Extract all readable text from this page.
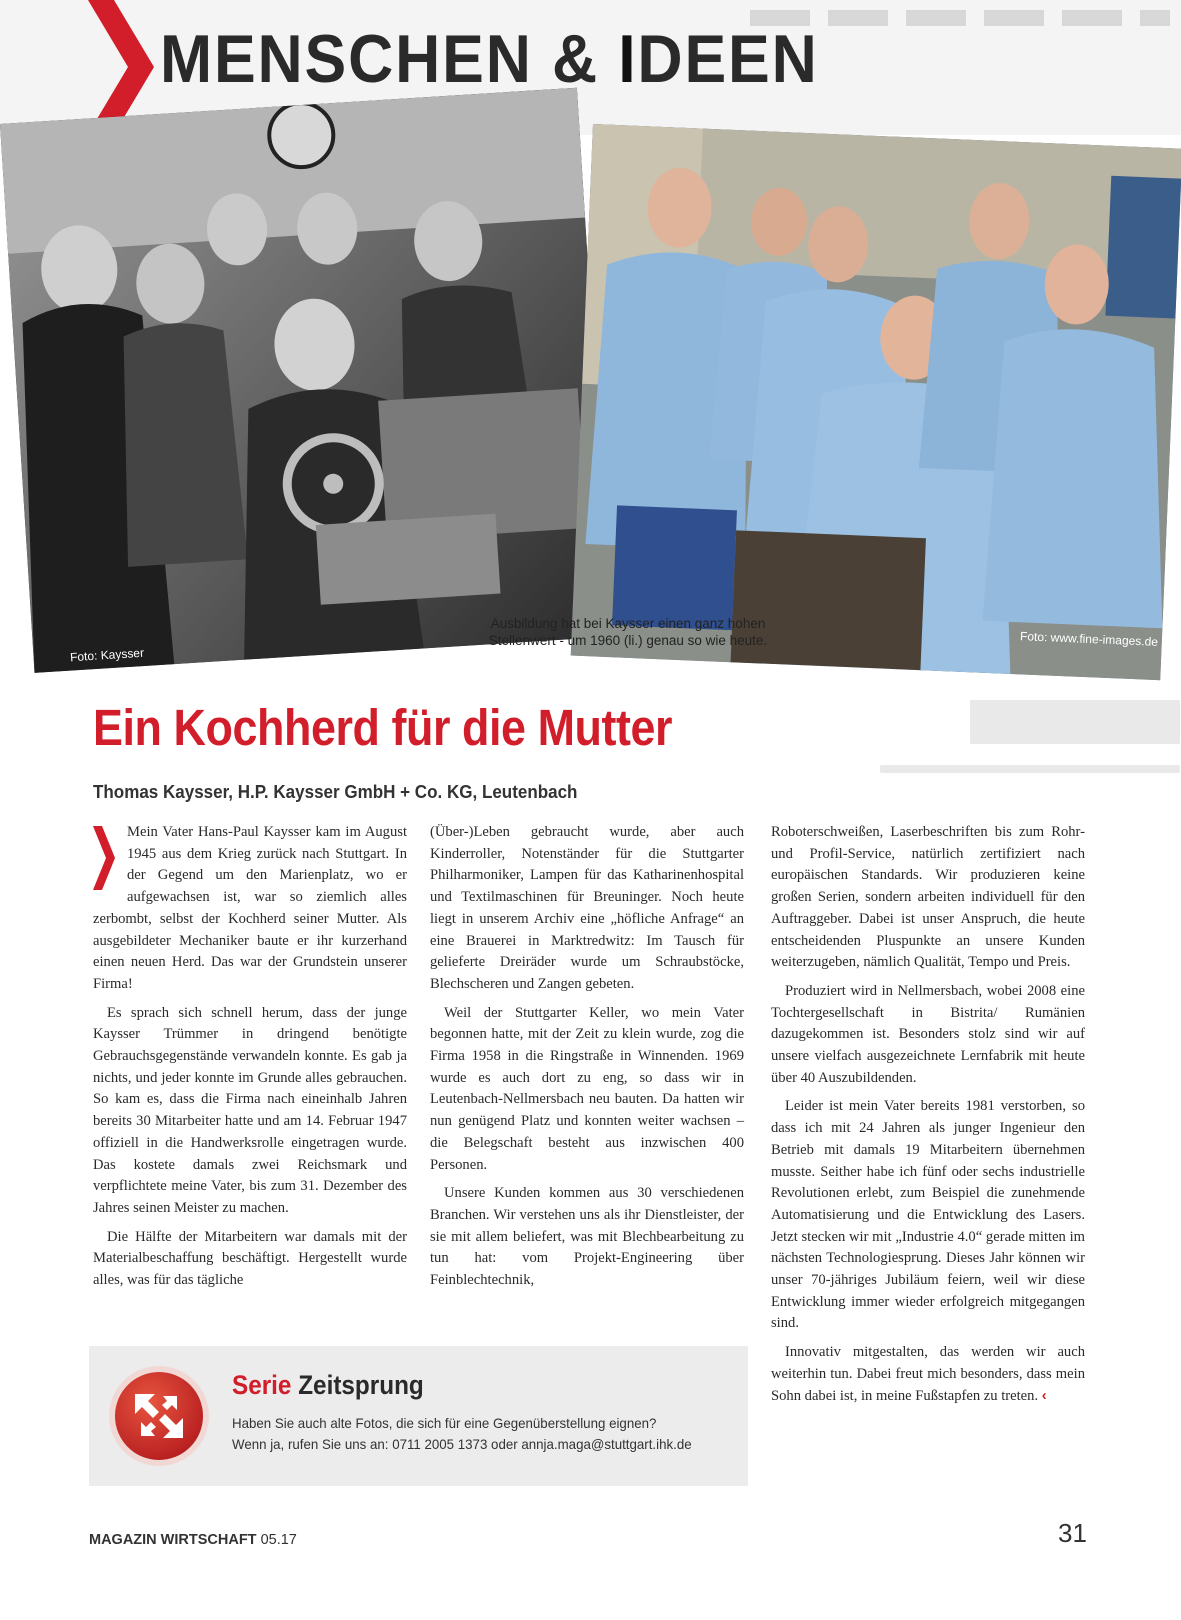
MENSCHEN & IDEEN
Foto: Kaysser
Foto: www.fine-images.de
Ausbildung hat bei Kaysser einen ganz hohen
Stellenwert - um 1960 (li.) genau so wie heute.
Ein Kochherd für die Mutter
Thomas Kaysser, H.P. Kaysser GmbH + Co. KG, Leutenbach

Mein Vater Hans-Paul Kaysser kam im August 1945 aus dem Krieg zurück nach Stuttgart. In der Gegend um den Marienplatz, wo er aufgewachsen ist, war so ziemlich alles zerbombt, selbst der Kochherd seiner Mutter. Als ausgebildeter Mechaniker baute er ihr kurzerhand einen neuen Herd. Das war der Grundstein unserer Firma!

Es sprach sich schnell herum, dass der junge Kaysser Trümmer in dringend benötigte Gebrauchsgegenstände verwandeln konnte. Es gab ja nichts, und jeder konnte im Grunde alles gebrauchen. So kam es, dass die Firma nach eineinhalb Jahren bereits 30 Mitarbeiter hatte und am 14. Februar 1947 offiziell in die Handwerksrolle eingetragen wurde. Das kostete damals zwei Reichsmark und verpflichtete meine Vater, bis zum 31. Dezember des Jahres seinen Meister zu machen.

Die Hälfte der Mitarbeitern war damals mit der Materialbeschaffung beschäftigt. Hergestellt wurde alles, was für das tägliche

(Über-)Leben gebraucht wurde, aber auch Kinderroller, Notenständer für die Stuttgarter Philharmoniker, Lampen für das Katharinenhospital und Textilmaschinen für Breuninger. Noch heute liegt in unserem Archiv eine „höfliche Anfrage“ an eine Brauerei in Marktredwitz: Im Tausch für gelieferte Dreiräder wurde um Schraubstöcke, Blechscheren und Zangen gebeten.

Weil der Stuttgarter Keller, wo mein Vater begonnen hatte, mit der Zeit zu klein wurde, zog die Firma 1958 in die Ringstraße in Winnenden. 1969 wurde es auch dort zu eng, so dass wir in Leutenbach-Nellmersbach neu bauten. Da hatten wir nun genügend Platz und konnten weiter wachsen – die Belegschaft besteht aus inzwischen 400 Personen.

Unsere Kunden kommen aus 30 verschiedenen Branchen. Wir verstehen uns als ihr Dienstleister, der sie mit allem beliefert, was mit Blechbearbeitung zu tun hat: vom Projekt-Engineering über Feinblechtechnik,

Roboterschweißen, Laserbeschriften bis zum Rohr- und Profil-Service, natürlich zertifiziert nach europäischen Standards. Wir produzieren keine großen Serien, sondern arbeiten individuell für den Auftraggeber. Dabei ist unser Anspruch, die heute entscheidenden Pluspunkte an unsere Kunden weiterzugeben, nämlich Qualität, Tempo und Preis.

Produziert wird in Nellmersbach, wobei 2008 eine Tochtergesellschaft in Bistrita/ Rumänien dazugekommen ist. Besonders stolz sind wir auf unsere vielfach ausgezeichnete Lernfabrik mit heute über 40 Auszubildenden.

Leider ist mein Vater bereits 1981 verstorben, so dass ich mit 24 Jahren als junger Ingenieur den Betrieb mit damals 19 Mitarbeitern übernehmen musste. Seither habe ich fünf oder sechs industrielle Revolutionen erlebt, zum Beispiel die zunehmende Automatisierung und die Entwicklung des Lasers. Jetzt stecken wir mit „Industrie 4.0“ gerade mitten im nächsten Technologiesprung. Dieses Jahr können wir unser 70-jähriges Jubiläum feiern, weil wir diese Entwicklung immer wieder erfolgreich mitgegangen sind.

Innovativ mitgestalten, das werden wir auch weiterhin tun. Dabei freut mich besonders, dass mein Sohn dabei ist, in meine Fußstapfen zu treten. ‹

Serie Zeitsprung
Haben Sie auch alte Fotos, die sich für eine Gegenüberstellung eignen?
Wenn ja, rufen Sie uns an: 0711 2005 1373 oder annja.maga@stuttgart.ihk.de
MAGAZIN WIRTSCHAFT 05.17	31
